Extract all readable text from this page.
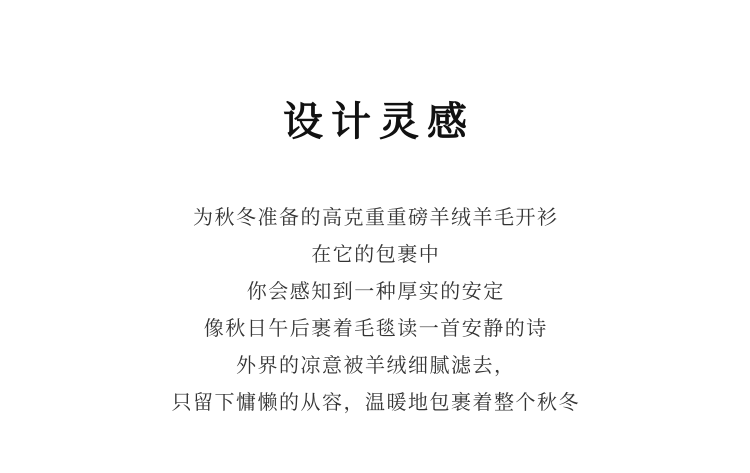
设计灵感

为秋冬准备的高克重重磅羊绒羊毛开衫

在它的包裹中

你会感知到一种厚实的安定

像秋日午后裹着毛毯读一首安静的诗

外界的凉意被羊绒细腻滤去，

只留下慵懒的从容，温暖地包裹着整个秋冬
